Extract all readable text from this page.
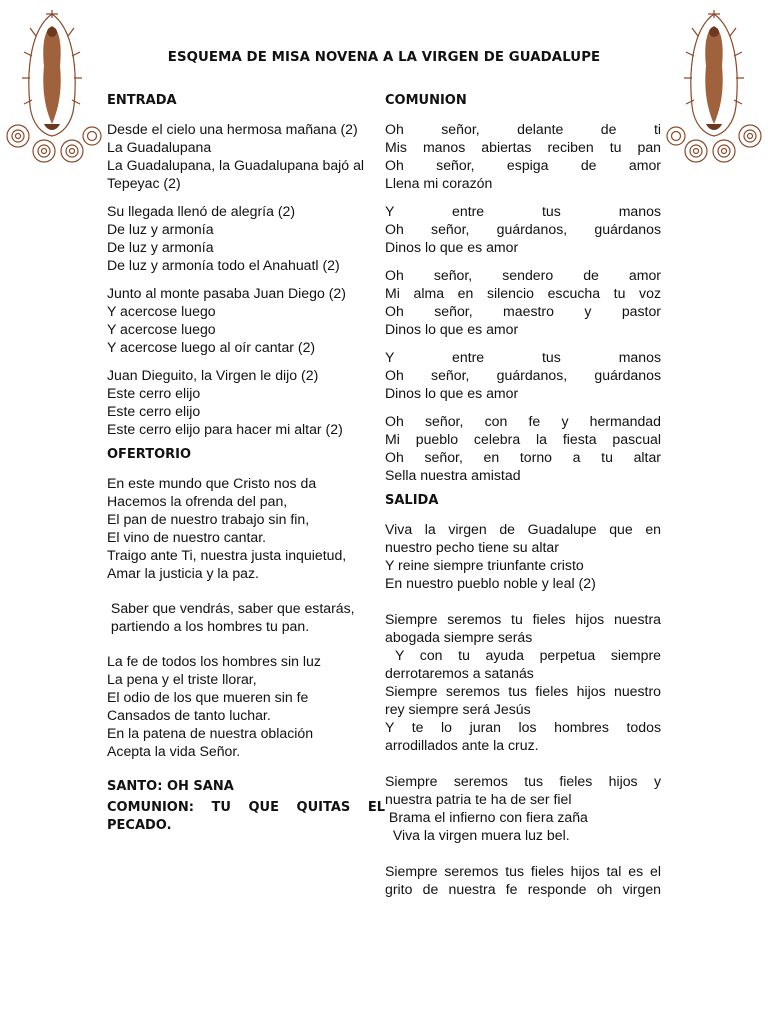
ESQUEMA DE MISA NOVENA A LA VIRGEN DE GUADALUPE
ENTRADA
Desde el cielo una hermosa mañana (2)
La Guadalupana
La Guadalupana, la Guadalupana bajó al
Tepeyac (2)
Su llegada llenó de alegría (2)
De luz y armonía
De luz y armonía
De luz y armonía todo el Anahuatl (2)
Junto al monte pasaba Juan Diego (2)
Y acercose luego
Y acercose luego
Y acercose luego al oír cantar (2)
Juan Dieguito, la Virgen le dijo (2)
Este cerro elijo
Este cerro elijo
Este cerro elijo para hacer mi altar (2)
OFERTORIO
En este mundo que Cristo nos da
Hacemos la ofrenda del pan,
El pan de nuestro trabajo sin fin,
El vino de nuestro cantar.
Traigo ante Ti, nuestra justa inquietud,
Amar la justicia y la paz.
Saber que vendrás, saber que estarás,
partiendo a los hombres tu pan.
La fe de todos los hombres sin luz
La pena y el triste llorar,
El odio de los que mueren sin fe
Cansados de tanto luchar.
En la patena de nuestra oblación
Acepta la vida Señor.
SANTO: OH SANA
COMUNION: TU QUE QUITAS EL
PECADO.
COMUNION
Oh señor, delante de ti
Mis manos abiertas reciben tu pan
Oh señor, espiga de amor
Llena mi corazón
Y entre tus manos
Oh señor, guárdanos, guárdanos
Dinos lo que es amor
Oh señor, sendero de amor
Mi alma en silencio escucha tu voz
Oh señor, maestro y pastor
Dinos lo que es amor
Y entre tus manos
Oh señor, guárdanos, guárdanos
Dinos lo que es amor
Oh señor, con fe y hermandad
Mi pueblo celebra la fiesta pascual
Oh señor, en torno a tu altar
Sella nuestra amistad
SALIDA
Viva la virgen de Guadalupe que en
nuestro pecho tiene su altar
Y reine siempre triunfante cristo
En nuestro pueblo noble y leal (2)
Siempre seremos tu fieles hijos nuestra
abogada siempre serás
Y con tu ayuda perpetua siempre
derrotaremos a satanás
Siempre seremos tus fieles hijos nuestro
rey siempre será Jesús
Y te lo juran los hombres todos
arrodillados ante la cruz.
Siempre seremos tus fieles hijos y
nuestra patria te ha de ser fiel
Brama el infierno con fiera zaña
Viva la virgen muera luz bel.
Siempre seremos tus fieles hijos tal es el
grito de nuestra fe responde oh virgen
